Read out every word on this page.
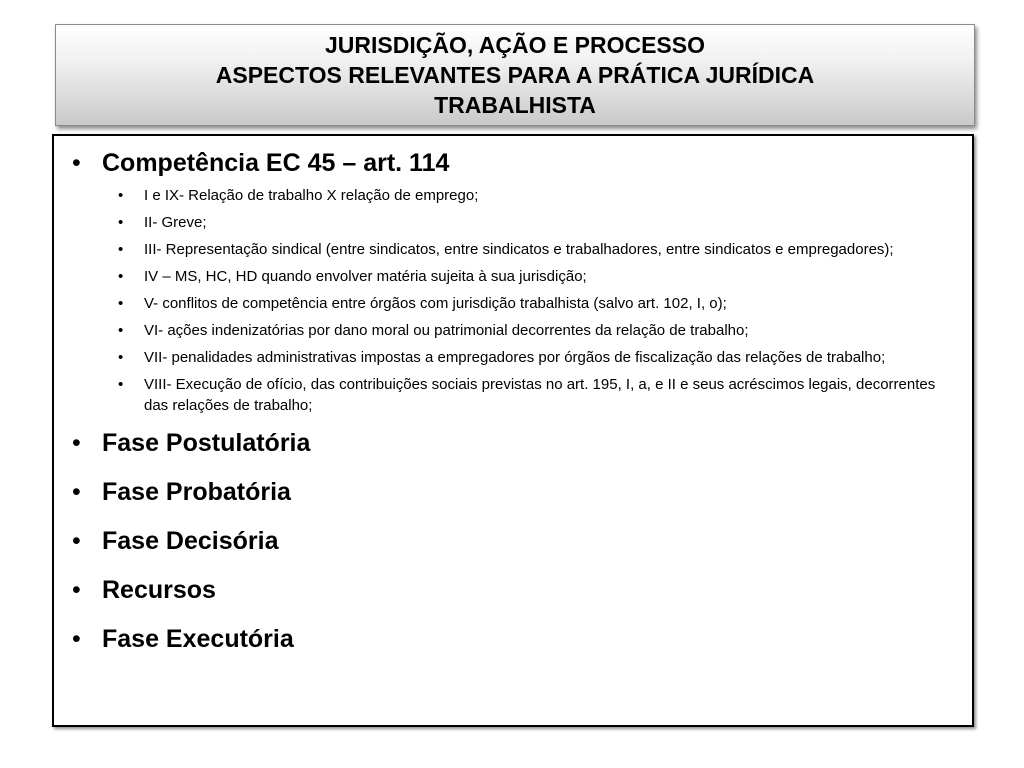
JURISDIÇÃO, AÇÃO E PROCESSO
ASPECTOS RELEVANTES PARA A PRÁTICA JURÍDICA
TRABALHISTA
• Competência EC 45 – art. 114
• I e IX- Relação de trabalho X relação de emprego;
• II- Greve;
• III- Representação sindical (entre sindicatos, entre sindicatos e trabalhadores, entre sindicatos e empregadores);
• IV – MS, HC, HD quando envolver matéria sujeita à sua jurisdição;
• V- conflitos de competência entre órgãos com jurisdição trabalhista (salvo art. 102, I, o);
• VI- ações indenizatórias por dano moral ou patrimonial decorrentes da relação de trabalho;
• VII- penalidades administrativas impostas a empregadores por órgãos de fiscalização das relações de trabalho;
• VIII- Execução de ofício, das contribuições sociais previstas no art. 195, I, a, e II e seus acréscimos legais, decorrentes das relações de trabalho;
• Fase Postulatória
• Fase Probatória
• Fase Decisória
• Recursos
• Fase Executória
